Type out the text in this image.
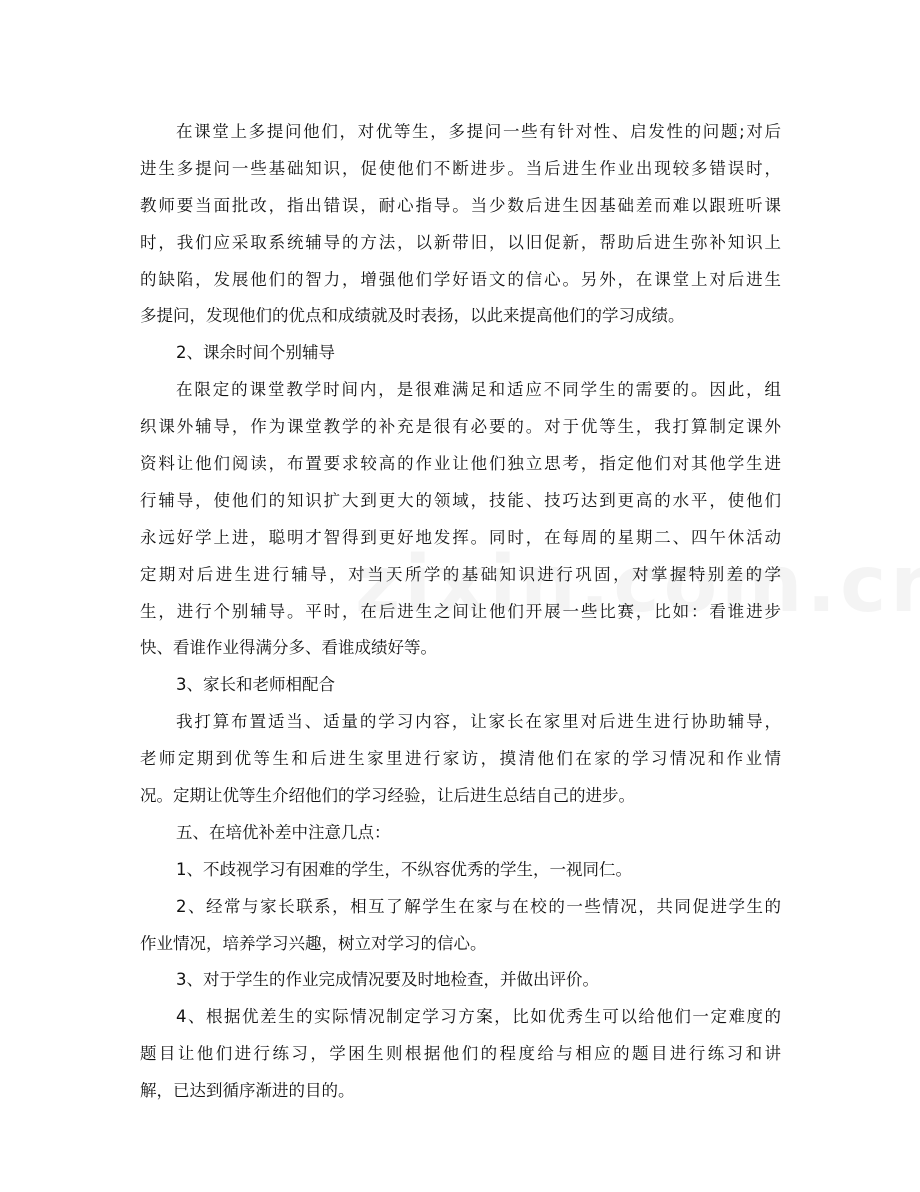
在课堂上多提问他们，对优等生，多提问一些有针对性、启发性的问题;对后
进生多提问一些基础知识，促使他们不断进步。当后进生作业出现较多错误时，
教师要当面批改，指出错误，耐心指导。当少数后进生因基础差而难以跟班听课
时，我们应采取系统辅导的方法，以新带旧，以旧促新，帮助后进生弥补知识上
的缺陷，发展他们的智力，增强他们学好语文的信心。另外，在课堂上对后进生
多提问，发现他们的优点和成绩就及时表扬，以此来提高他们的学习成绩。
2、课余时间个别辅导
在限定的课堂教学时间内，是很难满足和适应不同学生的需要的。因此，组
织课外辅导，作为课堂教学的补充是很有必要的。对于优等生，我打算制定课外
资料让他们阅读，布置要求较高的作业让他们独立思考，指定他们对其他学生进
行辅导，使他们的知识扩大到更大的领域，技能、技巧达到更高的水平，使他们
永远好学上进，聪明才智得到更好地发挥。同时，在每周的星期二、四午休活动
定期对后进生进行辅导，对当天所学的基础知识进行巩固，对掌握特别差的学
生，进行个别辅导。平时，在后进生之间让他们开展一些比赛，比如：看谁进步
快、看谁作业得满分多、看谁成绩好等。
3、家长和老师相配合
我打算布置适当、适量的学习内容，让家长在家里对后进生进行协助辅导，
老师定期到优等生和后进生家里进行家访，摸清他们在家的学习情况和作业情
况。定期让优等生介绍他们的学习经验，让后进生总结自己的进步。
五、在培优补差中注意几点：
1、不歧视学习有困难的学生，不纵容优秀的学生，一视同仁。
2、经常与家长联系，相互了解学生在家与在校的一些情况，共同促进学生的
作业情况，培养学习兴趣，树立对学习的信心。
3、对于学生的作业完成情况要及时地检查，并做出评价。
4、根据优差生的实际情况制定学习方案，比如优秀生可以给他们一定难度的
题目让他们进行练习，学困生则根据他们的程度给与相应的题目进行练习和讲
解，已达到循序渐进的目的。
